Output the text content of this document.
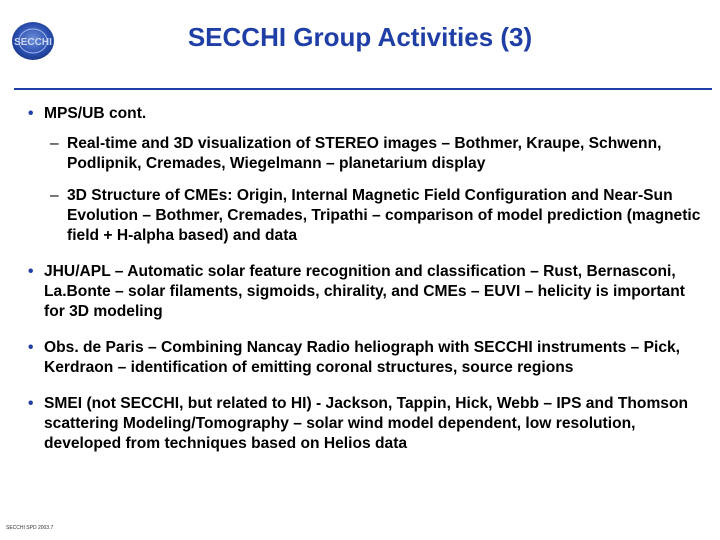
SECCHI	SECCHI Group Activities (3)
• MPS/UB cont.
– Real-time and 3D visualization of STEREO images – Bothmer, Kraupe, Schwenn, Podlipnik, Cremades, Wiegelmann – planetarium display
– 3D Structure of CMEs: Origin, Internal Magnetic Field Configuration and Near-Sun Evolution – Bothmer, Cremades, Tripathi – comparison of model prediction (magnetic field + H-alpha based) and data
• JHU/APL – Automatic solar feature recognition and classification – Rust, Bernasconi, La.Bonte – solar filaments, sigmoids, chirality, and CMEs – EUVI – helicity is important for 3D modeling
• Obs. de Paris – Combining Nancay Radio heliograph with SECCHI instruments – Pick, Kerdraon – identification of emitting coronal structures, source regions
• SMEI (not SECCHI, but related to HI) - Jackson, Tappin, Hick, Webb – IPS and Thomson scattering Modeling/Tomography – solar wind model dependent, low resolution, developed from techniques based on Helios data
SECCHI SPD 2003.7
